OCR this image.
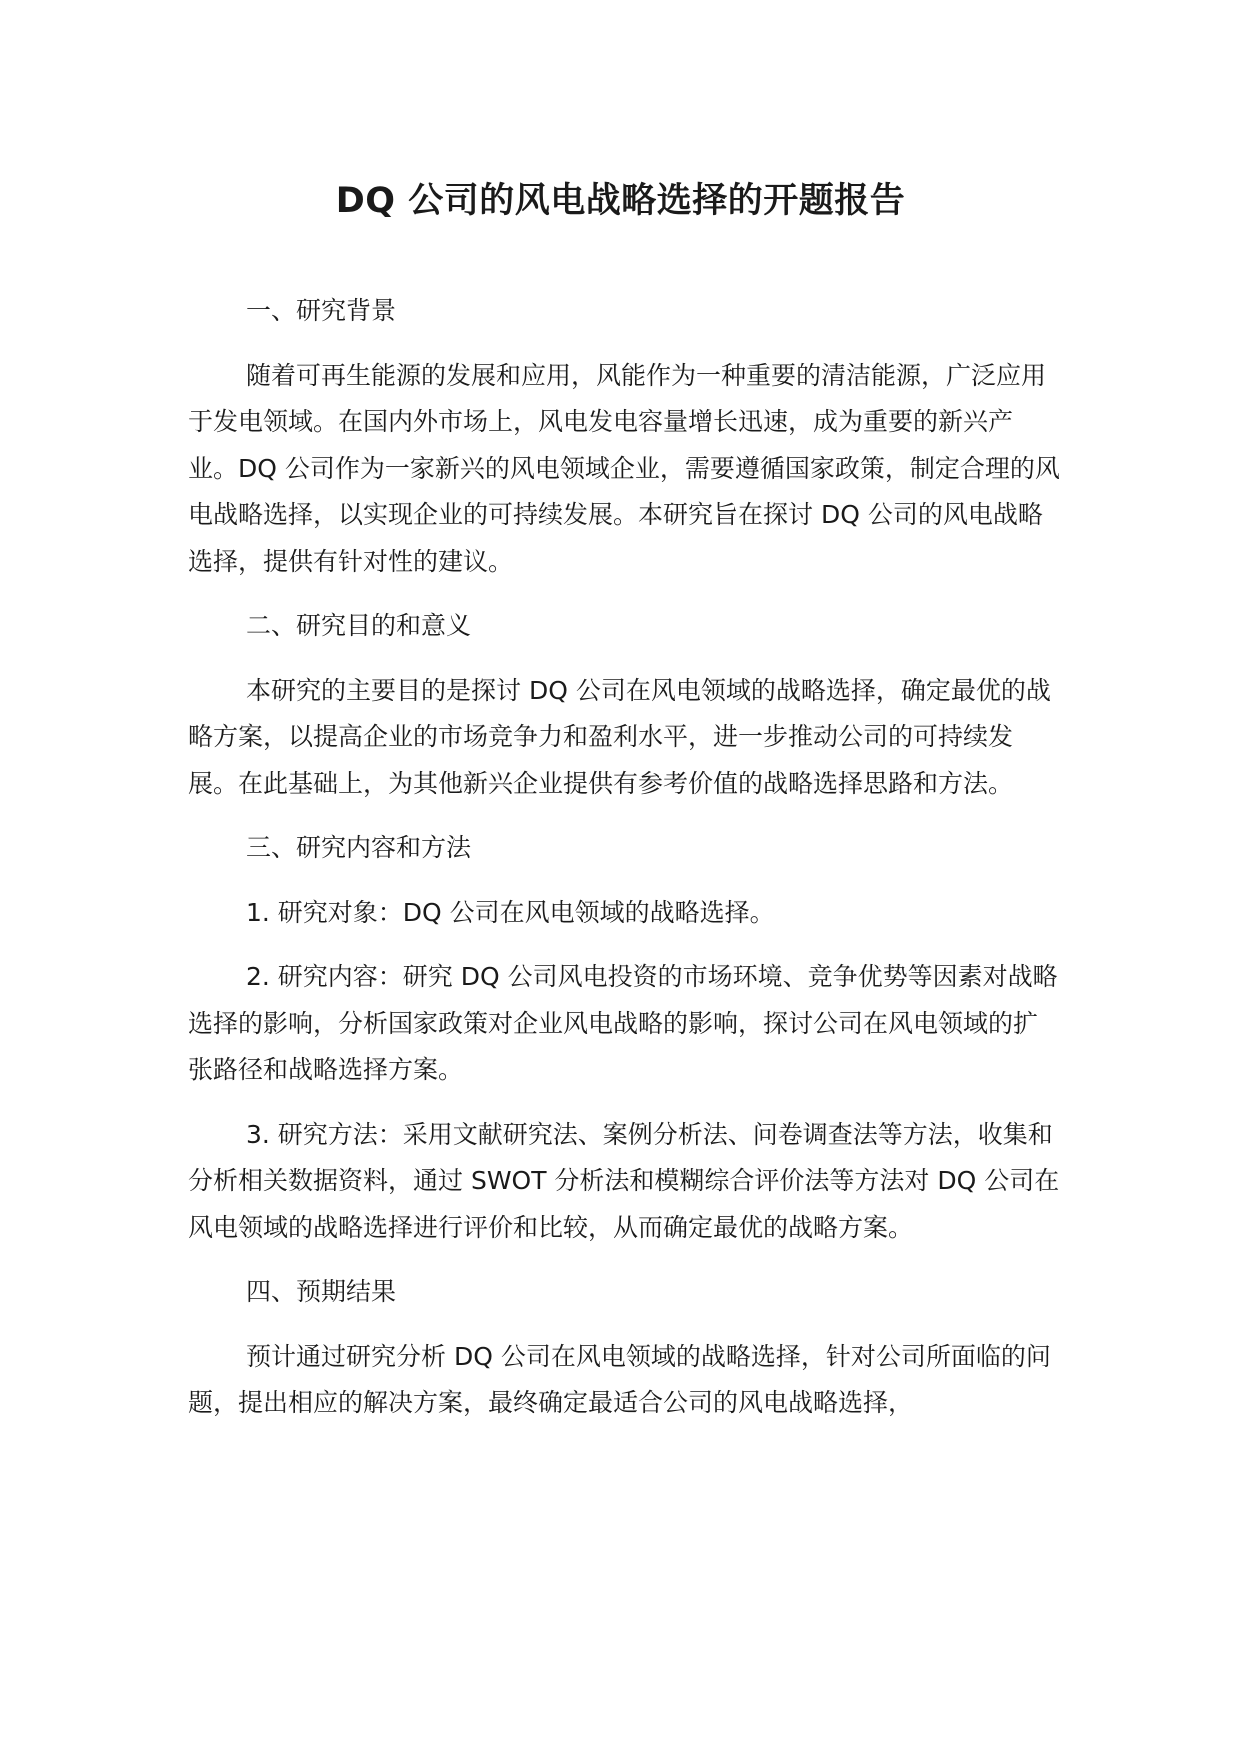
DQ 公司的风电战略选择的开题报告

一、研究背景

随着可再生能源的发展和应用，风能作为一种重要的清洁能源，广泛应用于发电领域。在国内外市场上，风电发电容量增长迅速，成为重要的新兴产业。DQ 公司作为一家新兴的风电领域企业，需要遵循国家政策，制定合理的风电战略选择，以实现企业的可持续发展。本研究旨在探讨 DQ 公司的风电战略选择，提供有针对性的建议。

二、研究目的和意义

本研究的主要目的是探讨 DQ 公司在风电领域的战略选择，确定最优的战略方案，以提高企业的市场竞争力和盈利水平，进一步推动公司的可持续发展。在此基础上，为其他新兴企业提供有参考价值的战略选择思路和方法。

三、研究内容和方法

1. 研究对象：DQ 公司在风电领域的战略选择。

2. 研究内容：研究 DQ 公司风电投资的市场环境、竞争优势等因素对战略选择的影响，分析国家政策对企业风电战略的影响，探讨公司在风电领域的扩张路径和战略选择方案。

3. 研究方法：采用文献研究法、案例分析法、问卷调查法等方法，收集和分析相关数据资料，通过 SWOT 分析法和模糊综合评价法等方法对 DQ 公司在风电领域的战略选择进行评价和比较，从而确定最优的战略方案。

四、预期结果

预计通过研究分析 DQ 公司在风电领域的战略选择，针对公司所面临的问题，提出相应的解决方案，最终确定最适合公司的风电战略选择，
